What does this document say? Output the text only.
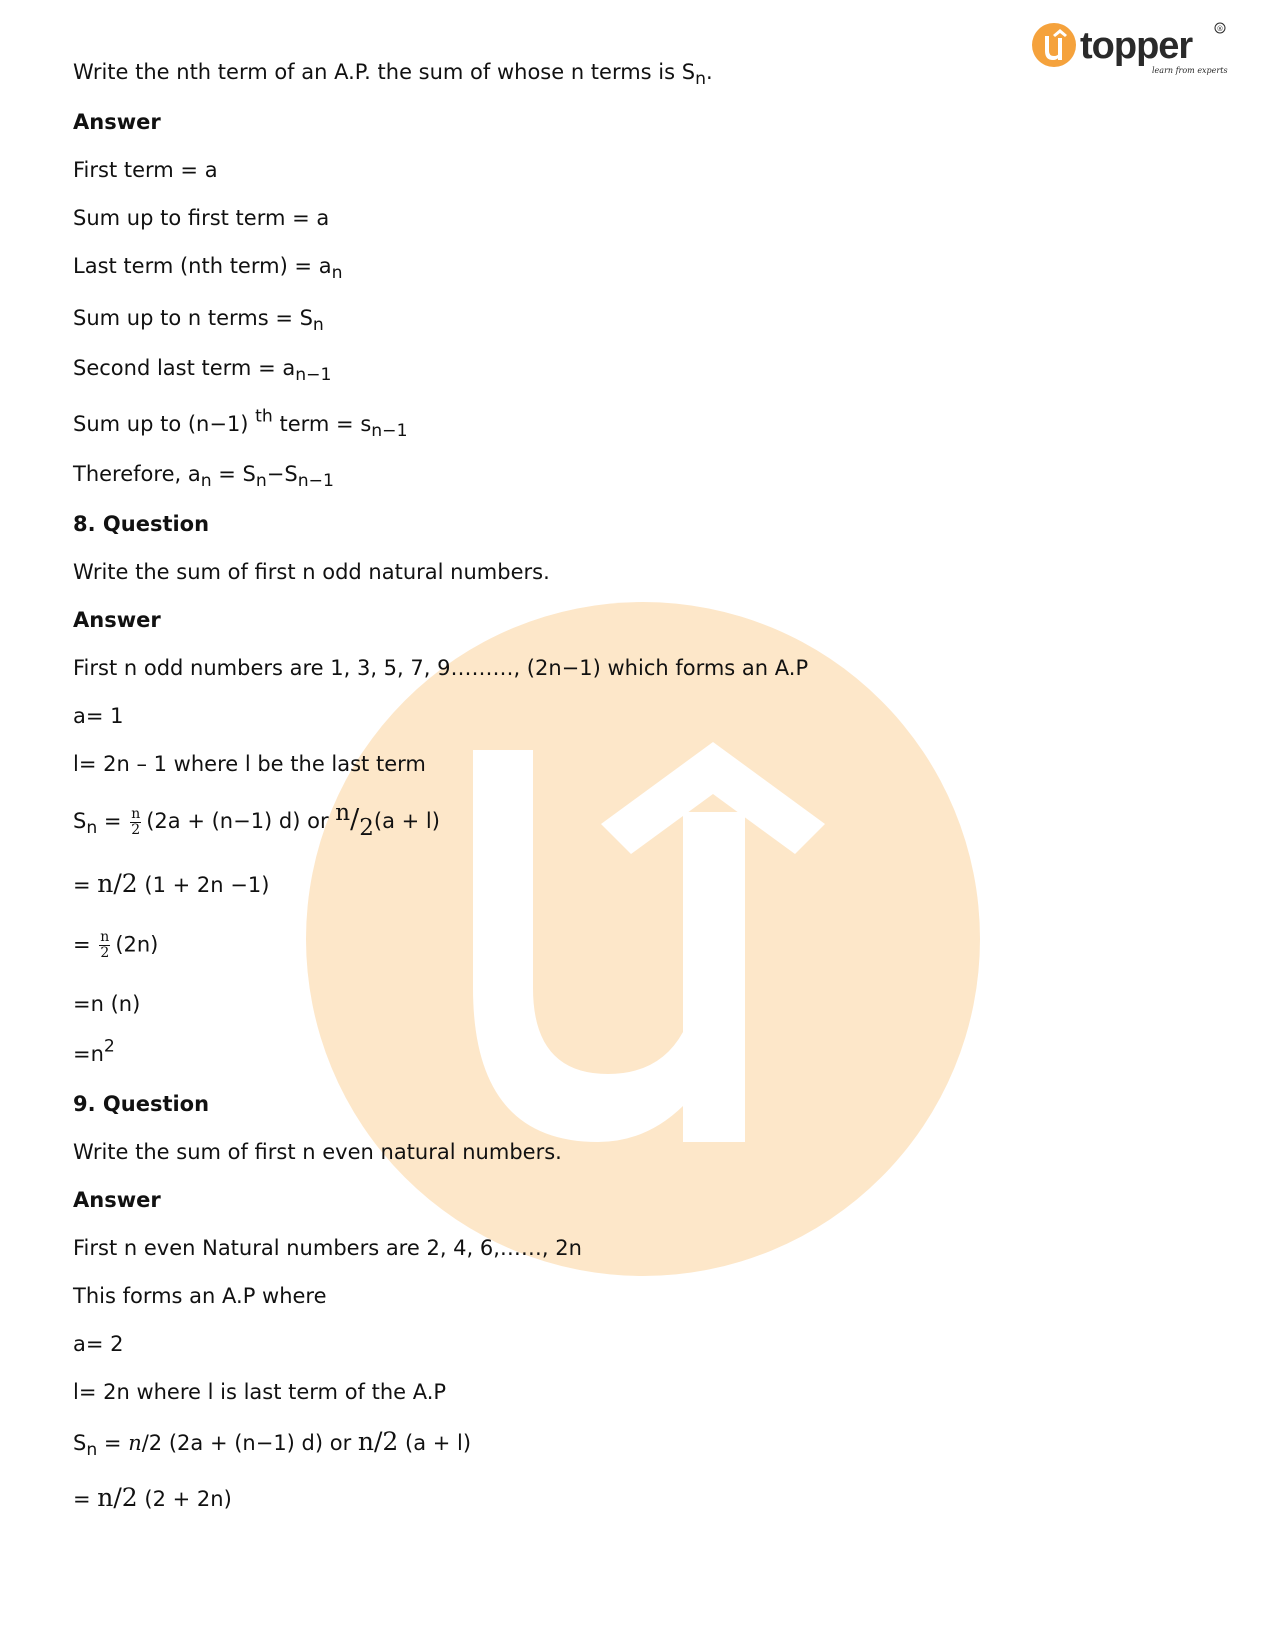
topper
learn from experts
®
Write the nth term of an A.P. the sum of whose n terms is $S_n$.
Answer
First term = a
Sum up to first term = a
Last term (nth term) = $a_n$
Sum up to n terms = $S_n$
Second last term = $a_{n-1}$
Sum up to (n−1) $^{th}$ term = $s_{n-1}$
Therefore, $a_n = S_n-S_{n-1}$
8. Question
Write the sum of first n odd natural numbers.
Answer
First n odd numbers are 1, 3, 5, 7, 9………, (2n−1) which forms an A.P
a= 1
l= 2n – 1 where l be the last term
$S_n = \frac{n}{2} (2a + (n-1)$ d) or n/2(a + l)
= n/2 (1 + 2n −1)
= $\frac{n}{2} (2n)$
=n (n)
$=n^2$
9. Question
Write the sum of first n even natural numbers.
Answer
First n even Natural numbers are 2, 4, 6,……, 2n
This forms an A.P where
a= 2
l= 2n where l is last term of the A.P
$S_n = n/2$ (2a + (n−1) d) or n/2 (a + l)
= n/2 (2 + 2n)
